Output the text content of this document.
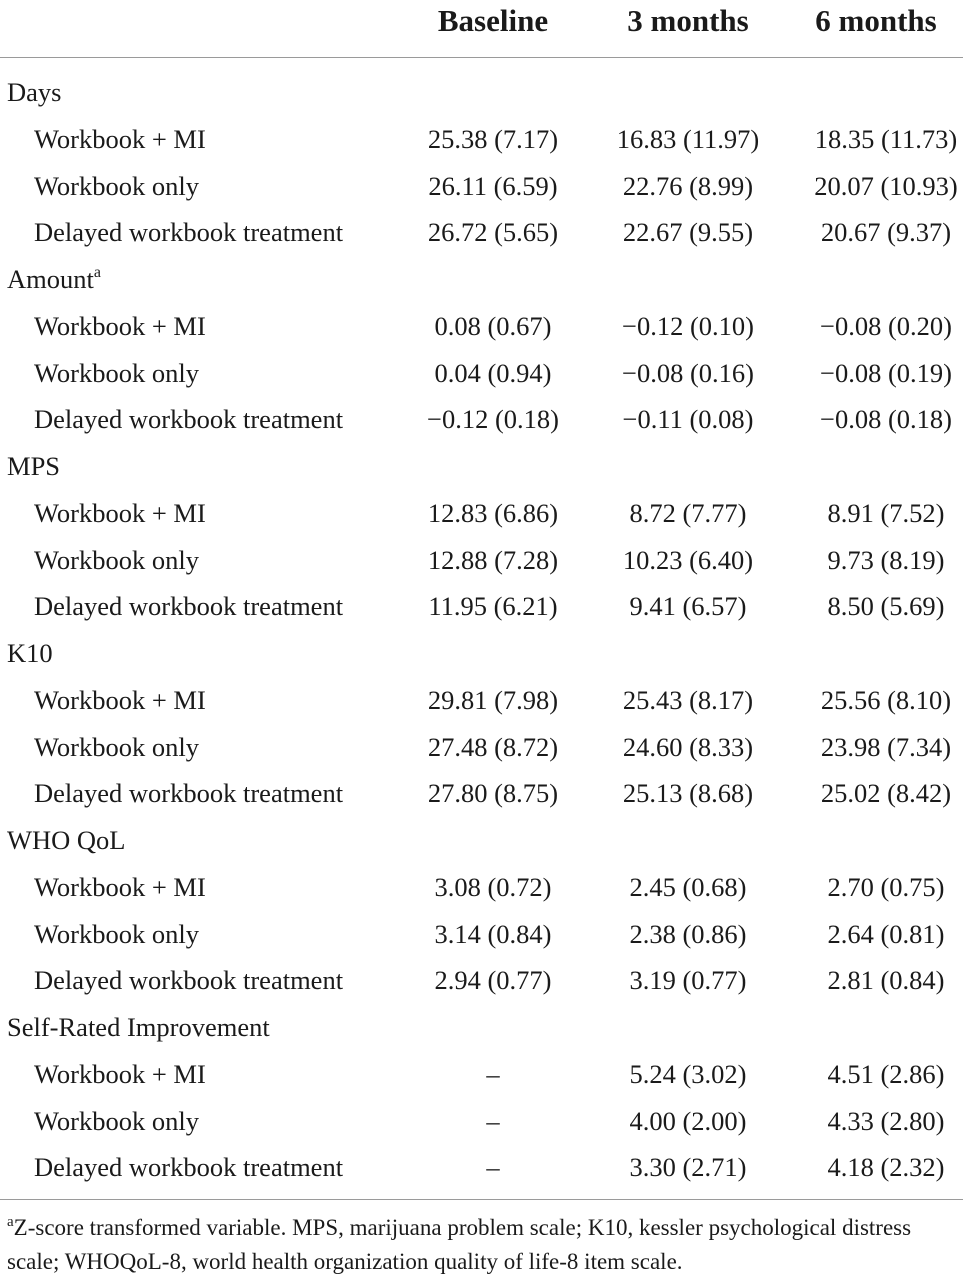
Baseline	3 months	6 months
Days
Workbook + MI	25.38 (7.17)	16.83 (11.97)	18.35 (11.73)
Workbook only	26.11 (6.59)	22.76 (8.99)	20.07 (10.93)
Delayed workbook treatment	26.72 (5.65)	22.67 (9.55)	20.67 (9.37)
Amount$^a$
Workbook + MI	0.08 (0.67)	−0.12 (0.10)	−0.08 (0.20)
Workbook only	0.04 (0.94)	−0.08 (0.16)	−0.08 (0.19)
Delayed workbook treatment	−0.12 (0.18)	−0.11 (0.08)	−0.08 (0.18)
MPS
Workbook + MI	12.83 (6.86)	8.72 (7.77)	8.91 (7.52)
Workbook only	12.88 (7.28)	10.23 (6.40)	9.73 (8.19)
Delayed workbook treatment	11.95 (6.21)	9.41 (6.57)	8.50 (5.69)
K10
Workbook + MI	29.81 (7.98)	25.43 (8.17)	25.56 (8.10)
Workbook only	27.48 (8.72)	24.60 (8.33)	23.98 (7.34)
Delayed workbook treatment	27.80 (8.75)	25.13 (8.68)	25.02 (8.42)
WHO QoL
Workbook + MI	3.08 (0.72)	2.45 (0.68)	2.70 (0.75)
Workbook only	3.14 (0.84)	2.38 (0.86)	2.64 (0.81)
Delayed workbook treatment	2.94 (0.77)	3.19 (0.77)	2.81 (0.84)
Self-Rated Improvement
Workbook + MI	–	5.24 (3.02)	4.51 (2.86)
Workbook only	–	4.00 (2.00)	4.33 (2.80)
Delayed workbook treatment	–	3.30 (2.71)	4.18 (2.32)
$^a$Z-score transformed variable. MPS, marijuana problem scale; K10, kessler psychological distress scale; WHOQoL-8, world health organization quality of life-8 item scale.
